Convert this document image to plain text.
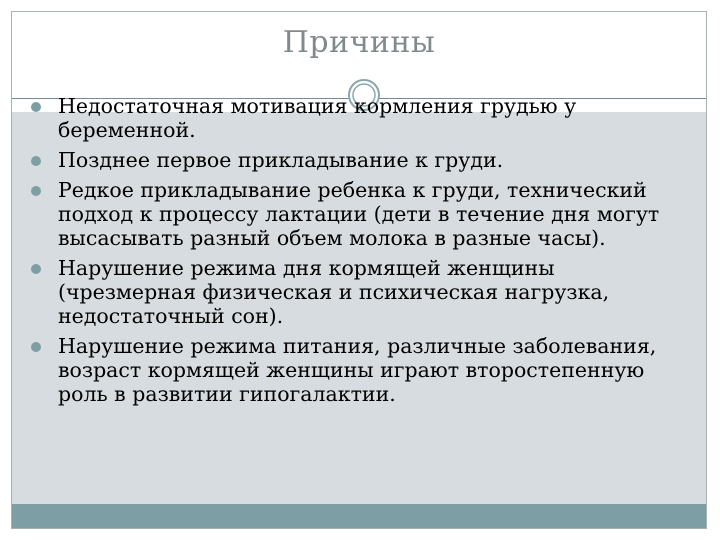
Причины
Недостаточная мотивация кормления грудью у беременной.
Позднее первое прикладывание к груди.
Редкое прикладывание ребенка к груди, технический подход к процессу лактации (дети в течение дня могут высасывать разный объем молока в разные часы).
Нарушение режима дня кормящей женщины (чрезмерная физическая и психическая нагрузка, недостаточный сон).
Нарушение режима питания, различные заболевания, возраст кормящей женщины играют второстепенную роль в развитии гипогалактии.
